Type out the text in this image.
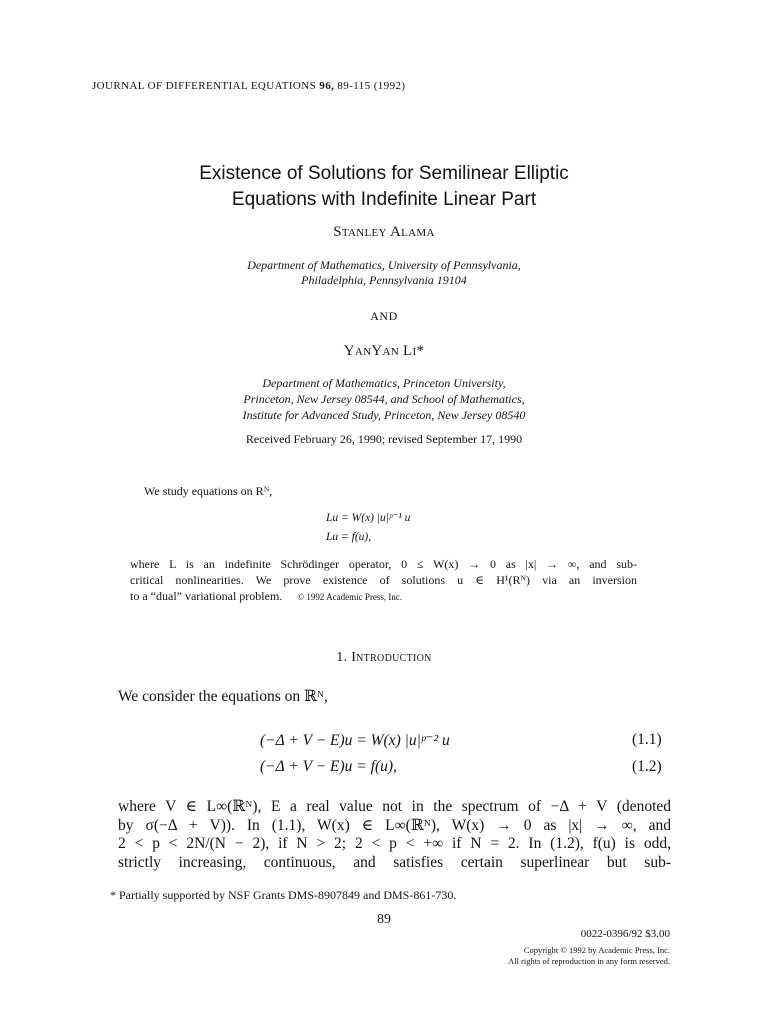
JOURNAL OF DIFFERENTIAL EQUATIONS 96, 89-115 (1992)
Existence of Solutions for Semilinear Elliptic
Equations with Indefinite Linear Part
Stanley Alama
Department of Mathematics, University of Pennsylvania,
Philadelphia, Pennsylvania 19104
AND
YanYan Li*
Department of Mathematics, Princeton University,
Princeton, New Jersey 08544, and School of Mathematics,
Institute for Advanced Study, Princeton, New Jersey 08540
Received February 26, 1990; revised September 17, 1990
We study equations on Rᴺ,
Lu = W(x) |u|ᵖ⁻¹ u
Lu = f(u),
where L is an indefinite Schrödinger operator, 0 ≤ W(x) → 0 as |x| → ∞, and sub-
critical nonlinearities. We prove existence of solutions u ∈ H¹(Rᴺ) via an inversion
to a “dual” variational problem. © 1992 Academic Press, Inc.
1. Introduction
We consider the equations on ℝᴺ,
(−Δ + V − E)u = W(x) |u|ᵖ⁻² u	(1.1)
(−Δ + V − E)u = f(u),	(1.2)
where V ∈ L∞(ℝᴺ), E a real value not in the spectrum of −Δ + V (denoted
by σ(−Δ + V)). In (1.1), W(x) ∈ L∞(ℝᴺ), W(x) → 0 as |x| → ∞, and
2 < p < 2N/(N − 2), if N > 2; 2 < p < +∞ if N = 2. In (1.2), f(u) is odd,
strictly increasing, continuous, and satisfies certain superlinear but sub-
* Partially supported by NSF Grants DMS-8907849 and DMS-861-730.
89
0022-0396/92 $3.00
Copyright © 1992 by Academic Press, Inc.
All rights of reproduction in any form reserved.
